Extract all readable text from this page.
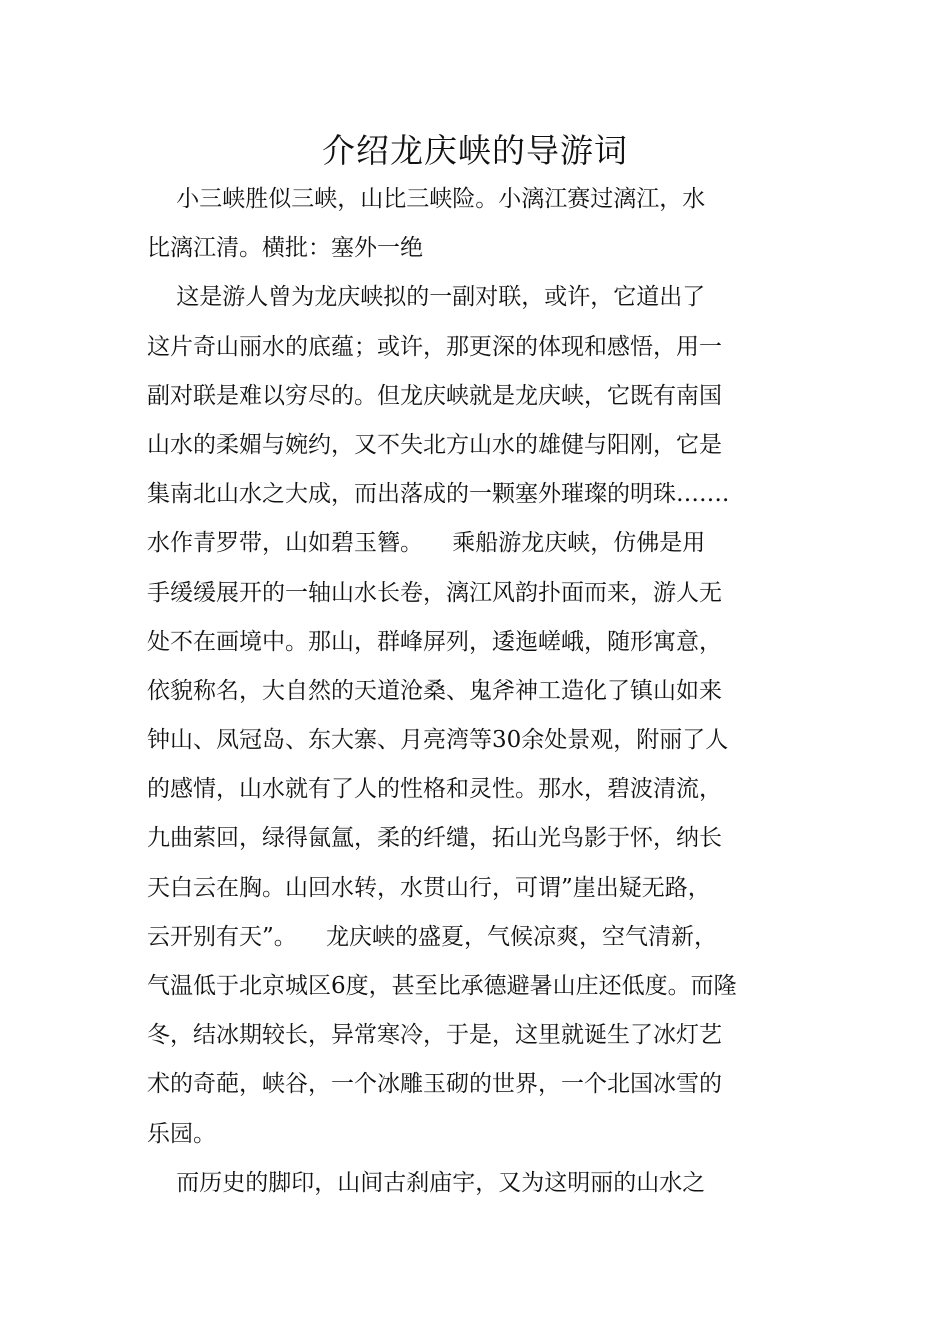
介绍龙庆峡的导游词
小三峡胜似三峡，山比三峡险。小漓江赛过漓江，水
比漓江清。横批：塞外一绝
这是游人曾为龙庆峡拟的一副对联，或许，它道出了
这片奇山丽水的底蕴；或许，那更深的体现和感悟，用一
副对联是难以穷尽的。但龙庆峡就是龙庆峡，它既有南国
山水的柔媚与婉约，又不失北方山水的雄健与阳刚，它是
集南北山水之大成，而出落成的一颗塞外璀璨的明珠…….
水作青罗带，山如碧玉簪。    乘船游龙庆峡，仿佛是用
手缓缓展开的一轴山水长卷，漓江风韵扑面而来，游人无
处不在画境中。那山，群峰屏列，逶迤嵯峨，随形寓意，
依貌称名，大自然的天道沧桑、鬼斧神工造化了镇山如来
钟山、凤冠岛、东大寨、月亮湾等30余处景观，附丽了人
的感情，山水就有了人的性格和灵性。那水，碧波清流，
九曲萦回，绿得氤氲，柔的纤缱，拓山光鸟影于怀，纳长
天白云在胸。山回水转，水贯山行，可谓”崖出疑无路，
云开别有天”。    龙庆峡的盛夏，气候凉爽，空气清新，
气温低于北京城区6度，甚至比承德避暑山庄还低度。而隆
冬，结冰期较长，异常寒冷，于是，这里就诞生了冰灯艺
术的奇葩，峡谷，一个冰雕玉砌的世界，一个北国冰雪的
乐园。
而历史的脚印，山间古刹庙宇，又为这明丽的山水之
